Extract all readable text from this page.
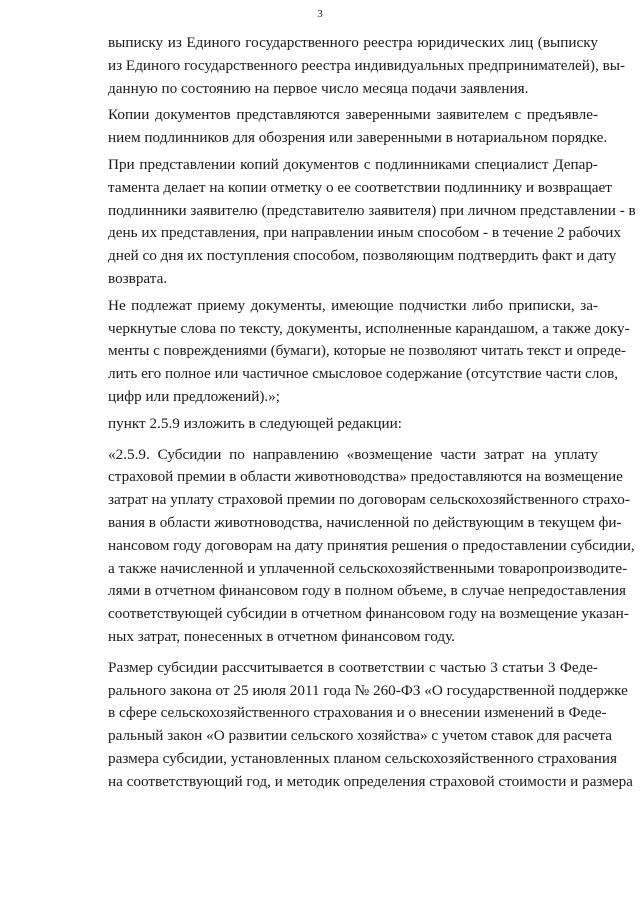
3

выписку из Единого государственного реестра юридических лиц (выписку
из Единого государственного реестра индивидуальных предпринимателей), вы-
данную по состоянию на первое число месяца подачи заявления.

Копии документов представляются заверенными заявителем с предъявле-
нием подлинников для обозрения или заверенными в нотариальном порядке.

При представлении копий документов с подлинниками специалист Депар-
тамента делает на копии отметку о ее соответствии подлиннику и возвращает
подлинники заявителю (представителю заявителя) при личном представлении - в
день их представления, при направлении иным способом - в течение 2 рабочих
дней со дня их поступления способом, позволяющим подтвердить факт и дату
возврата.

Не подлежат приему документы, имеющие подчистки либо приписки, за-
черкнутые слова по тексту, документы, исполненные карандашом, а также доку-
менты с повреждениями (бумаги), которые не позволяют читать текст и опреде-
лить его полное или частичное смысловое содержание (отсутствие части слов,
цифр или предложений).»;

пункт 2.5.9 изложить в следующей редакции:

«2.5.9. Субсидии по направлению «возмещение части затрат на уплату
страховой премии в области животноводства» предоставляются на возмещение
затрат на уплату страховой премии по договорам сельскохозяйственного страхо-
вания в области животноводства, начисленной по действующим в текущем фи-
нансовом году договорам на дату принятия решения о предоставлении субсидии,
а также начисленной и уплаченной сельскохозяйственными товаропроизводите-
лями в отчетном финансовом году в полном объеме, в случае непредоставления
соответствующей субсидии в отчетном финансовом году на возмещение указан-
ных затрат, понесенных в отчетном финансовом году.

Размер субсидии рассчитывается в соответствии с частью 3 статьи 3 Феде-
рального закона от 25 июля 2011 года № 260-ФЗ «О государственной поддержке
в сфере сельскохозяйственного страхования и о внесении изменений в Феде-
ральный закон «О развитии сельского хозяйства» с учетом ставок для расчета
размера субсидии, установленных планом сельскохозяйственного страхования
на соответствующий год, и методик определения страховой стоимости и размера
